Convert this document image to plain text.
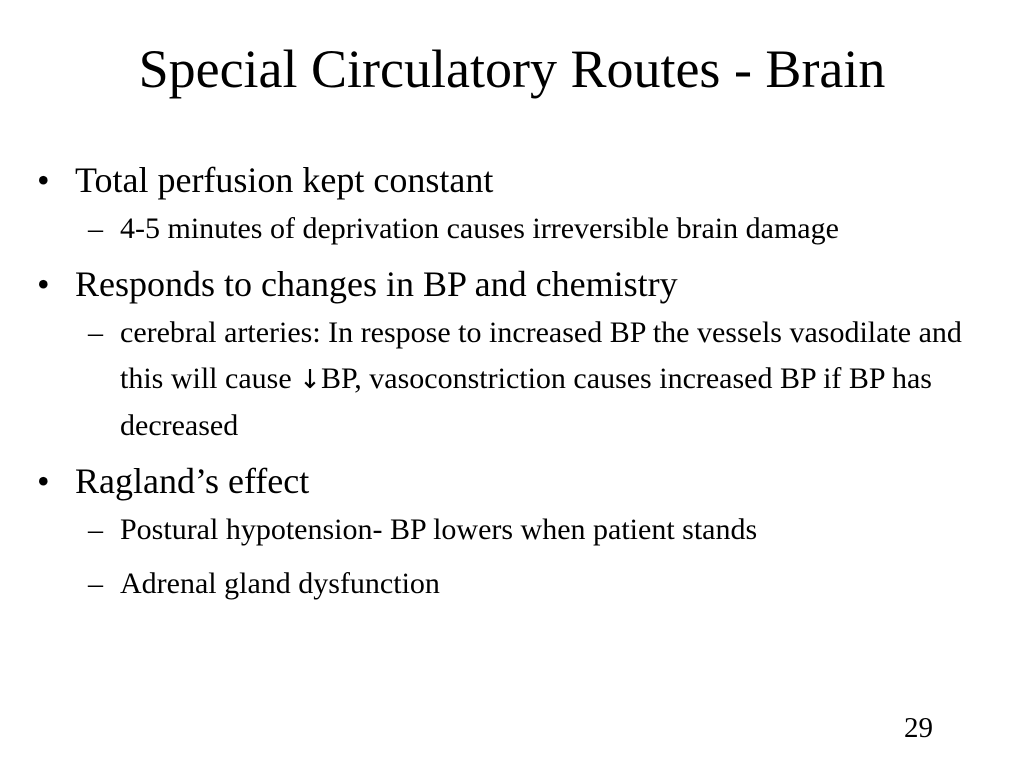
Special Circulatory Routes - Brain
• Total perfusion kept constant
– 4-5 minutes of deprivation causes irreversible brain damage
• Responds to changes in BP and chemistry
– cerebral arteries: In respose to increased BP the vessels vasodilate and this will cause ↓BP, vasoconstriction causes increased BP if BP has decreased
• Ragland’s effect
– Postural hypotension- BP lowers when patient stands
– Adrenal gland dysfunction
29
